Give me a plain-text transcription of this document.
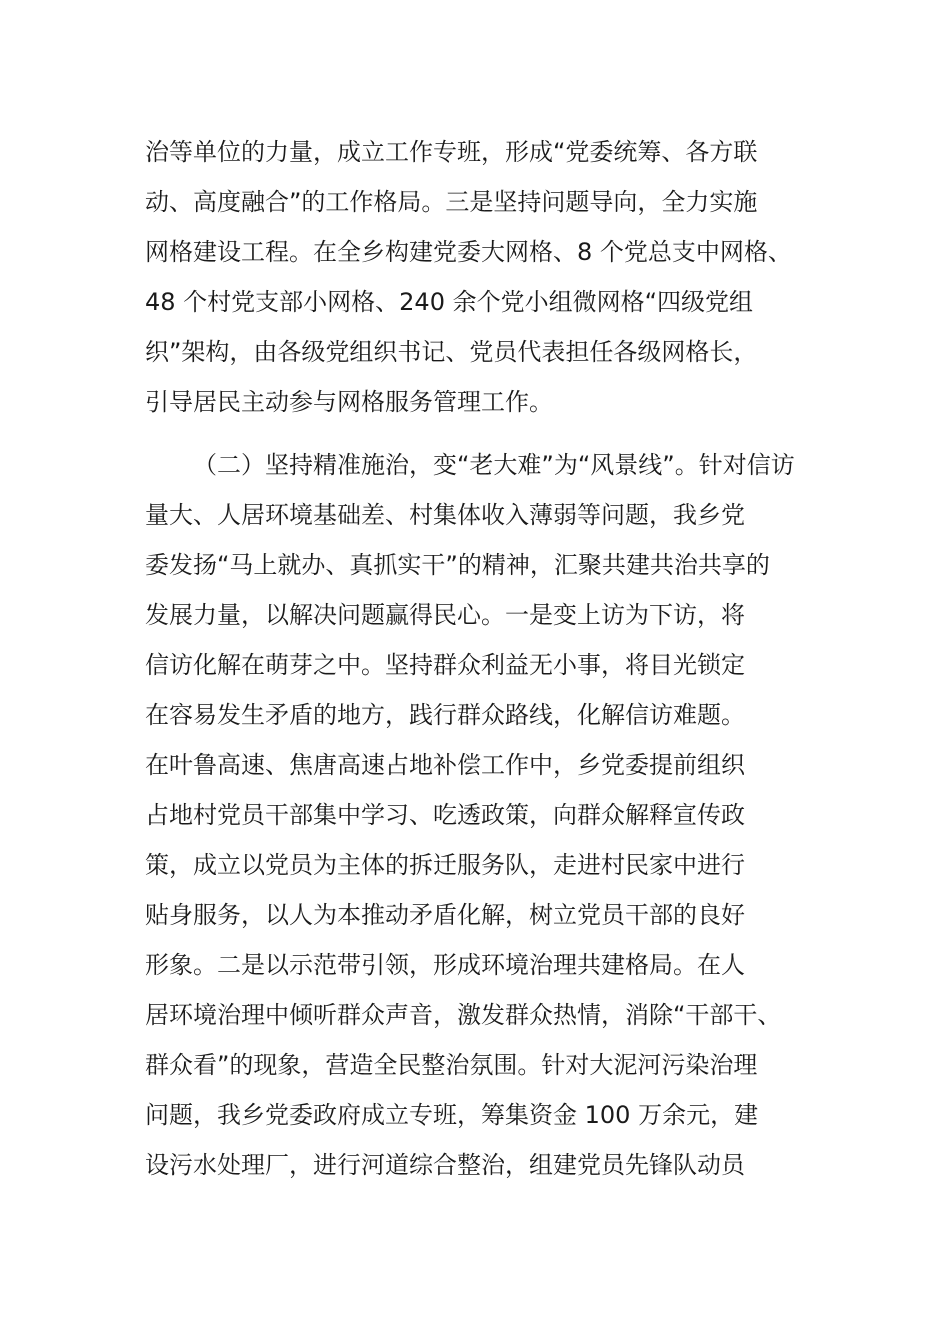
治等单位的力量，成立工作专班，形成“党委统筹、各方联
动、高度融合”的工作格局。三是坚持问题导向，全力实施
网格建设工程。在全乡构建党委大网格、8 个党总支中网格、
48 个村党支部小网格、240 余个党小组微网格“四级党组
织”架构，由各级党组织书记、党员代表担任各级网格长，
引导居民主动参与网格服务管理工作。
（二）坚持精准施治，变“老大难”为“风景线”。针对信访
量大、人居环境基础差、村集体收入薄弱等问题，我乡党
委发扬“马上就办、真抓实干”的精神，汇聚共建共治共享的
发展力量，以解决问题赢得民心。一是变上访为下访，将
信访化解在萌芽之中。坚持群众利益无小事，将目光锁定
在容易发生矛盾的地方，践行群众路线，化解信访难题。
在叶鲁高速、焦唐高速占地补偿工作中，乡党委提前组织
占地村党员干部集中学习、吃透政策，向群众解释宣传政
策，成立以党员为主体的拆迁服务队，走进村民家中进行
贴身服务，以人为本推动矛盾化解，树立党员干部的良好
形象。二是以示范带引领，形成环境治理共建格局。在人
居环境治理中倾听群众声音，激发群众热情，消除“干部干、
群众看”的现象，营造全民整治氛围。针对大泥河污染治理
问题，我乡党委政府成立专班，筹集资金 100 万余元，建
设污水处理厂，进行河道综合整治，组建党员先锋队动员
